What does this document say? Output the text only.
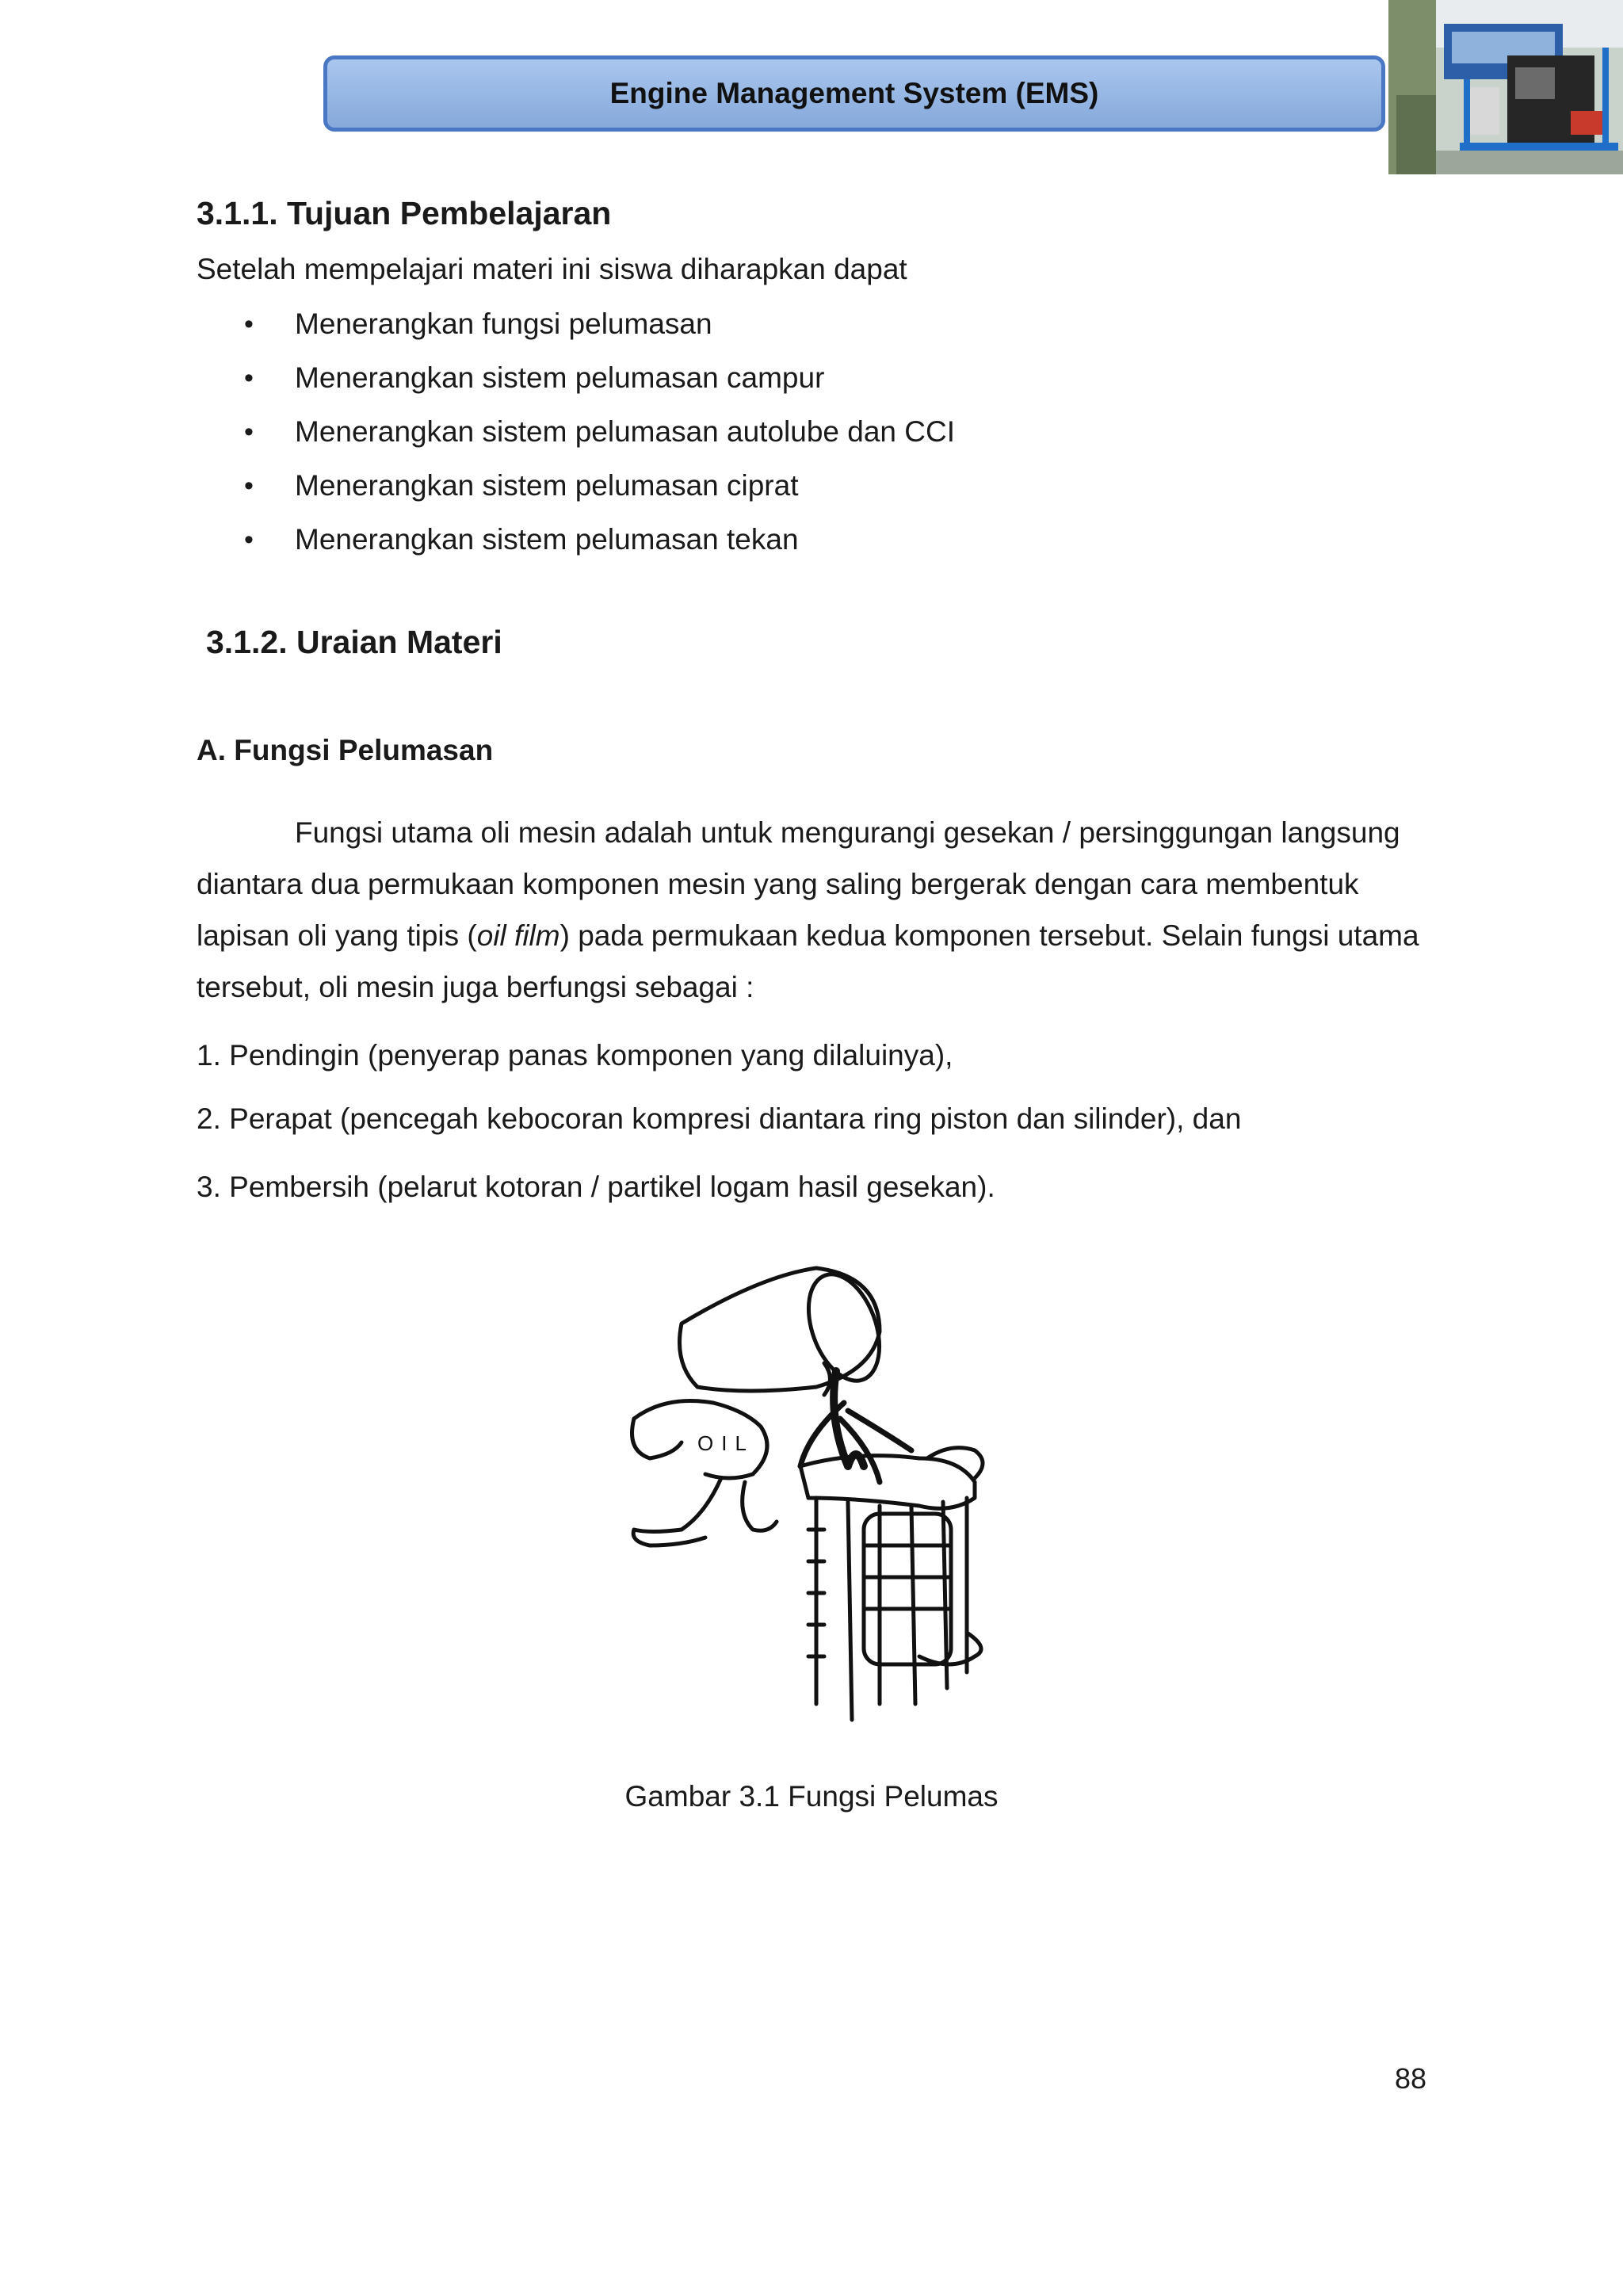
Engine Management System (EMS)
3.1.1. Tujuan Pembelajaran
Setelah mempelajari materi ini siswa diharapkan dapat
• Menerangkan fungsi pelumasan
• Menerangkan sistem pelumasan campur
• Menerangkan sistem pelumasan autolube dan CCI
• Menerangkan sistem pelumasan ciprat
• Menerangkan sistem pelumasan tekan
3.1.2. Uraian Materi
A. Fungsi Pelumasan

Fungsi utama oli mesin adalah untuk mengurangi gesekan / persinggungan langsung diantara dua permukaan komponen mesin yang saling bergerak dengan cara membentuk lapisan oli yang tipis (oil film) pada permukaan kedua komponen tersebut. Selain fungsi utama tersebut, oli mesin juga berfungsi sebagai :

1. Pendingin (penyerap panas komponen yang dilaluinya),
2. Perapat (pencegah kebocoran kompresi diantara ring piston dan silinder), dan
3. Pembersih (pelarut kotoran / partikel logam hasil gesekan).
OIL
Gambar 3.1 Fungsi Pelumas
88
